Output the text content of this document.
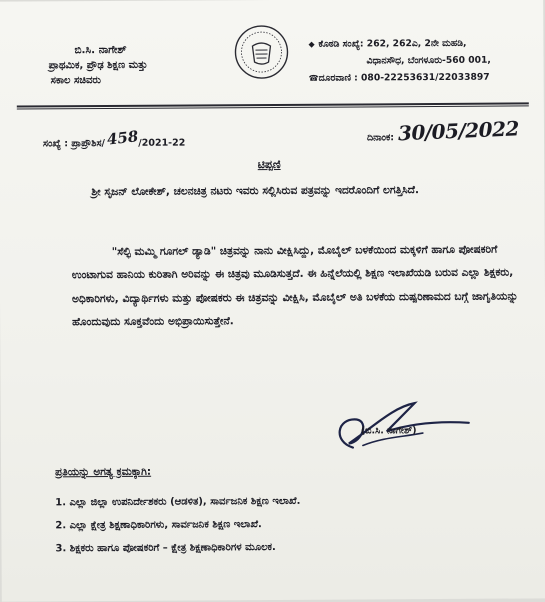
ಬಿ.ಸಿ. ನಾಗೇಶ್
ಪ್ರಾಥಮಿಕ, ಪ್ರೌಢ ಶಿಕ್ಷಣ ಮತ್ತು
ಸಕಾಲ ಸಚಿವರು
◆ ಕೊಠಡಿ ಸಂಖ್ಯೆ: 262, 262ಎ, 2ನೇ ಮಹಡಿ,
ವಿಧಾನಸೌಧ, ಬೆಂಗಳೂರು-560 001,
☎ ದೂರವಾಣಿ : 080-22253631/22033897
ಸಂಖ್ಯೆ : ಪ್ರಾಪ್ರೌಶಿಸ/ 458 /2021-22	ದಿನಾಂಕ: 30/05/2022
ಟಿಪ್ಪಣಿ

ಶ್ರೀ ಸೃಜನ್ ಲೋಕೇಶ್, ಚಲನಚಿತ್ರ ನಟರು ಇವರು ಸಲ್ಲಿಸಿರುವ ಪತ್ರವನ್ನು ಇದರೊಂದಿಗೆ ಲಗತ್ತಿಸಿದೆ.

"ಸೆಲ್ಫಿ ಮಮ್ಮಿ ಗೂಗಲ್ ಡ್ಯಾಡಿ" ಚಿತ್ರವನ್ನು ನಾನು ವೀಕ್ಷಿಸಿದ್ದು, ಮೊಬೈಲ್ ಬಳಕೆಯಿಂದ ಮಕ್ಕಳಿಗೆ ಹಾಗೂ ಪೋಷಕರಿಗೆ ಉಂಟಾಗುವ ಹಾನಿಯ ಕುರಿತಾಗಿ ಅರಿವನ್ನು ಈ ಚಿತ್ರವು ಮೂಡಿಸುತ್ತದೆ. ಈ ಹಿನ್ನೆಲೆಯಲ್ಲಿ ಶಿಕ್ಷಣ ಇಲಾಖೆಯಡಿ ಬರುವ ಎಲ್ಲಾ ಶಿಕ್ಷಕರು, ಅಧಿಕಾರಿಗಳು, ವಿದ್ಯಾರ್ಥಿಗಳು ಮತ್ತು ಪೋಷಕರು ಈ ಚಿತ್ರವನ್ನು ವೀಕ್ಷಿಸಿ, ಮೊಬೈಲ್ ಅತಿ ಬಳಕೆಯ ದುಷ್ಪರಿಣಾಮದ ಬಗ್ಗೆ ಜಾಗೃತಿಯನ್ನು ಹೊಂದುವುದು ಸೂಕ್ತವೆಂದು ಅಭಿಪ್ರಾಯಿಸುತ್ತೇನೆ.

(ಬಿ.ಸಿ. ನಾಗೇಶ್)
ಪ್ರತಿಯನ್ನು ಅಗತ್ಯ ಕ್ರಮಕ್ಕಾಗಿ:
1. ಎಲ್ಲಾ ಜಿಲ್ಲಾ ಉಪನಿರ್ದೇಶಕರು (ಆಡಳಿತ), ಸಾರ್ವಜನಿಕ ಶಿಕ್ಷಣ ಇಲಾಖೆ.
2. ಎಲ್ಲಾ ಕ್ಷೇತ್ರ ಶಿಕ್ಷಣಾಧಿಕಾರಿಗಳು, ಸಾರ್ವಜನಿಕ ಶಿಕ್ಷಣ ಇಲಾಖೆ.
3. ಶಿಕ್ಷಕರು ಹಾಗೂ ಪೋಷಕರಿಗೆ – ಕ್ಷೇತ್ರ ಶಿಕ್ಷಣಾಧಿಕಾರಿಗಳ ಮೂಲಕ.
